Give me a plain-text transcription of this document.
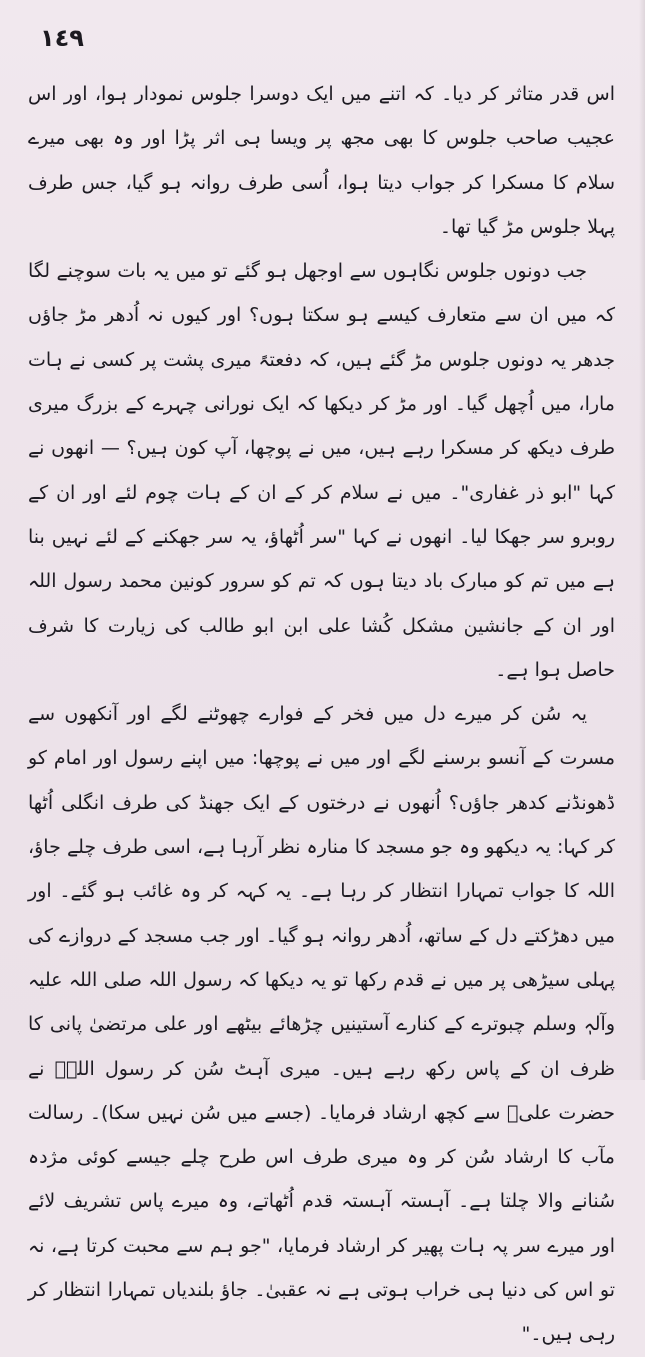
١٤٩

اس قدر متاثر کر دیا۔ کہ اتنے میں ایک دوسرا جلوس نمودار ہوا، اور اس عجیب صاحب جلوس کا بھی مجھ پر ویسا ہی اثر پڑا اور وہ بھی میرے سلام کا مسکرا کر جواب دیتا ہوا، اُسی طرف روانہ ہو گیا، جس طرف پہلا جلوس مڑ گیا تھا۔

جب دونوں جلوس نگاہوں سے اوجھل ہو گئے تو میں یہ بات سوچنے لگا کہ میں ان سے متعارف کیسے ہو سکتا ہوں؟ اور کیوں نہ اُدھر مڑ جاؤں جدھر یہ دونوں جلوس مڑ گئے ہیں، کہ دفعتہً میری پشت پر کسی نے ہات مارا، میں اُچھل گیا۔ اور مڑ کر دیکھا کہ ایک نورانی چہرے کے بزرگ میری طرف دیکھ کر مسکرا رہے ہیں، میں نے پوچھا، آپ کون ہیں؟ — انھوں نے کہا "ابو ذر غفاری"۔ میں نے سلام کر کے ان کے ہات چوم لئے اور ان کے روبرو سر جھکا لیا۔ انھوں نے کہا "سر اُٹھاؤ، یہ سر جھکنے کے لئے نہیں بنا ہے میں تم کو مبارک باد دیتا ہوں کہ تم کو سرور کونین محمد رسول اللہ اور ان کے جانشین مشکل کُشا علی ابن ابو طالب کی زیارت کا شرف حاصل ہوا ہے۔

یہ سُن کر میرے دل میں فخر کے فوارے چھوٹنے لگے اور آنکھوں سے مسرت کے آنسو برسنے لگے اور میں نے پوچھا: میں اپنے رسول اور امام کو ڈھونڈنے کدھر جاؤں؟ اُنھوں نے درختوں کے ایک جھنڈ کی طرف انگلی اُٹھا کر کہا: یہ دیکھو وہ جو مسجد کا منارہ نظر آرہا ہے، اسی طرف چلے جاؤ، اللہ کا جواب تمہارا انتظار کر رہا ہے۔ یہ کہہ کر وہ غائب ہو گئے۔ اور میں دھڑکتے دل کے ساتھ، اُدھر روانہ ہو گیا۔ اور جب مسجد کے دروازے کی پہلی سیڑھی پر میں نے قدم رکھا تو یہ دیکھا کہ رسول اللہ صلی اللہ علیہ وآلہٖ وسلم چبوترے کے کنارے آستینیں چڑھائے بیٹھے اور علی مرتضیٰ پانی کا ظرف ان کے پاس رکھ رہے ہیں۔ میری آہٹ سُن کر رسول اللہؐ نے حضرت علیؑ سے کچھ ارشاد فرمایا۔ (جسے میں سُن نہیں سکا)۔ رسالت مآب کا ارشاد سُن کر وہ میری طرف اس طرح چلے جیسے کوئی مژدہ سُنانے والا چلتا ہے۔ آہستہ آہستہ قدم اُٹھاتے، وہ میرے پاس تشریف لائے اور میرے سر پہ ہات پھیر کر ارشاد فرمایا، "جو ہم سے محبت کرتا ہے، نہ تو اس کی دنیا ہی خراب ہوتی ہے نہ عقبیٰ۔ جاؤ بلندیاں تمہارا انتظار کر رہی ہیں۔"
